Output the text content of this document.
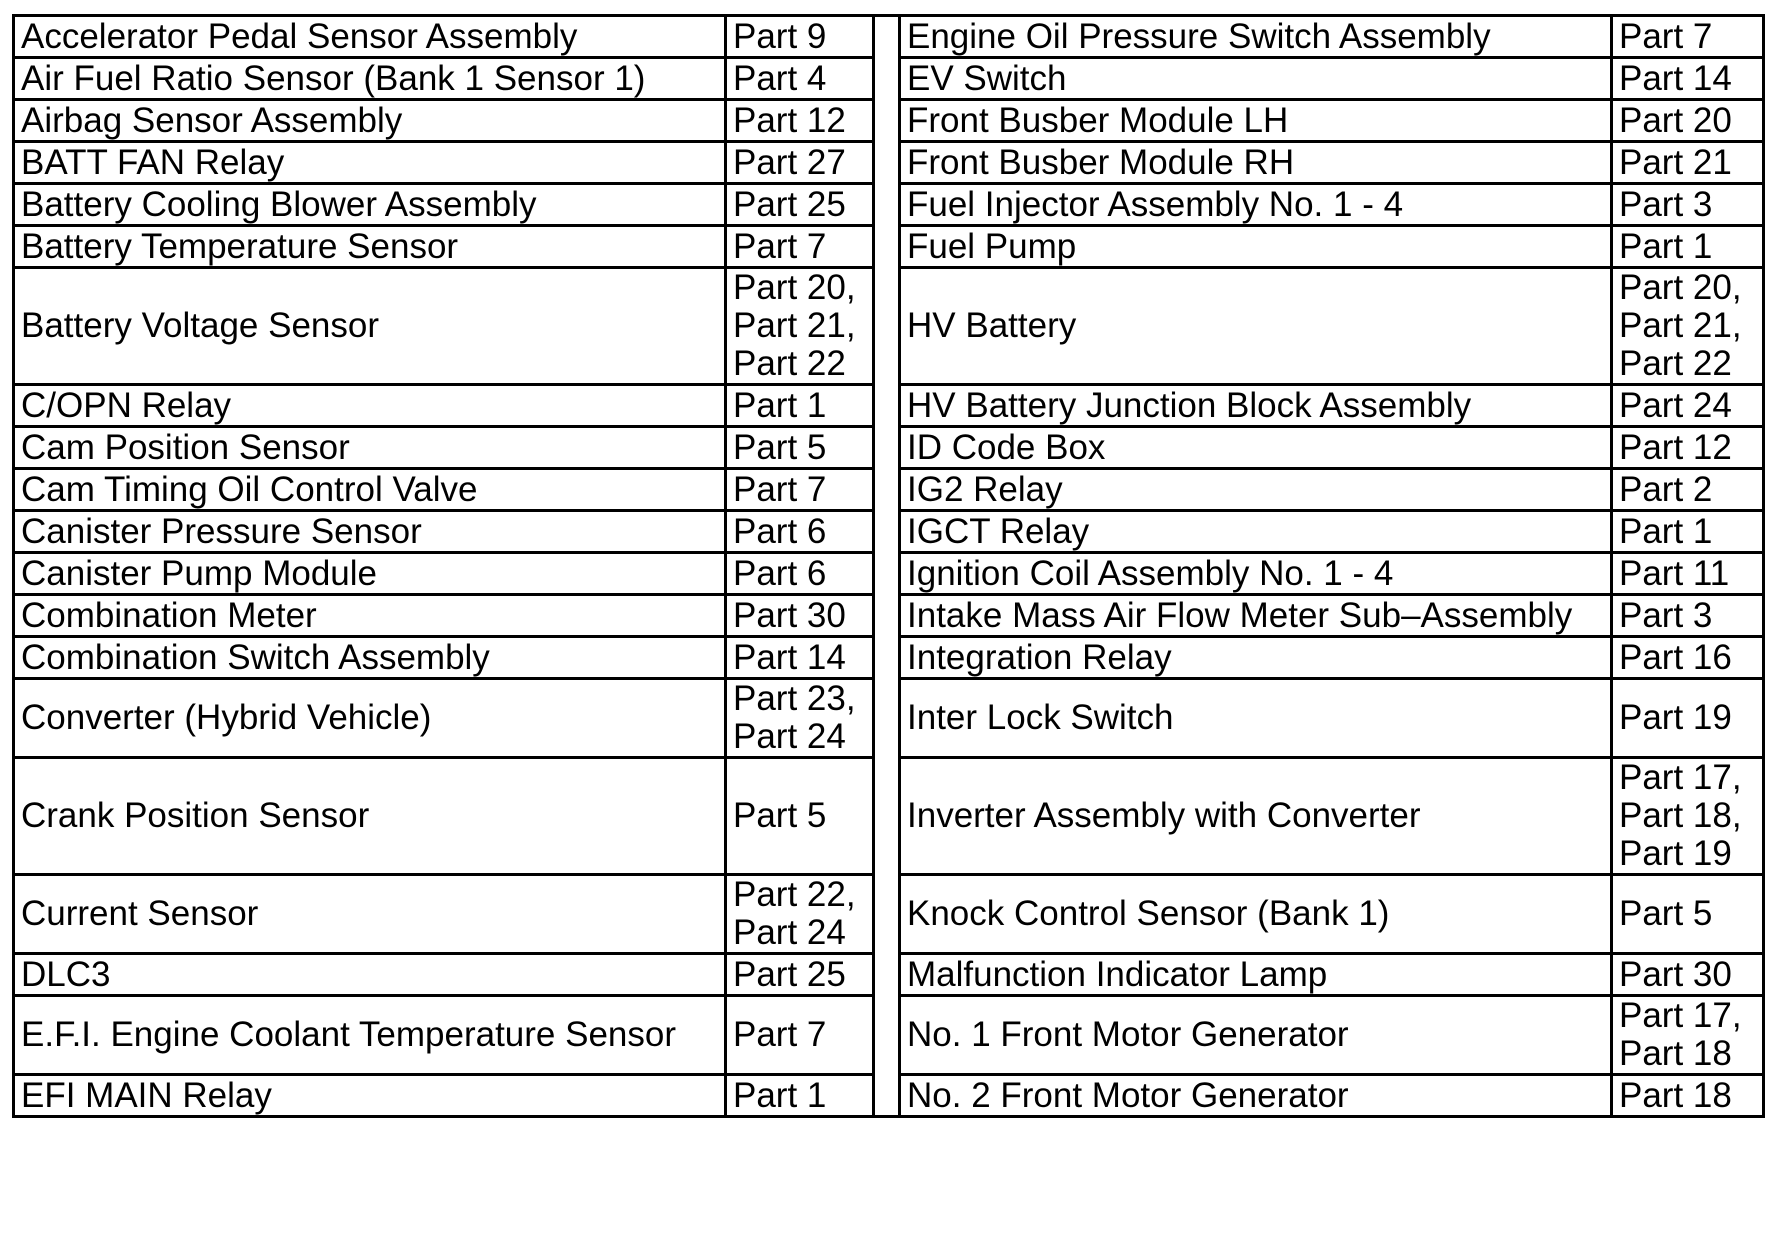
Accelerator Pedal Sensor Assembly	Part 9		Engine Oil Pressure Switch Assembly	Part 7

Air Fuel Ratio Sensor (Bank 1 Sensor 1)	Part 4		EV Switch	Part 14

Airbag Sensor Assembly	Part 12		Front Busber Module LH	Part 20

BATT FAN Relay	Part 27		Front Busber Module RH	Part 21

Battery Cooling Blower Assembly	Part 25		Fuel Injector Assembly No. 1 - 4	Part 3

Battery Temperature Sensor	Part 7		Fuel Pump	Part 1

Battery Voltage Sensor	Part 20,
Part 21,
Part 22		HV Battery	Part 20,
Part 21,
Part 22

C/OPN Relay	Part 1		HV Battery Junction Block Assembly	Part 24

Cam Position Sensor	Part 5		ID Code Box	Part 12

Cam Timing Oil Control Valve	Part 7		IG2 Relay	Part 2

Canister Pressure Sensor	Part 6		IGCT Relay	Part 1

Canister Pump Module	Part 6		Ignition Coil Assembly No. 1 - 4	Part 11

Combination Meter	Part 30		Intake Mass Air Flow Meter Sub–Assembly	Part 3

Combination Switch Assembly	Part 14		Integration Relay	Part 16

Converter (Hybrid Vehicle)	Part 23,
Part 24		Inter Lock Switch	Part 19

Crank Position Sensor	Part 5		Inverter Assembly with Converter	Part 17,
Part 18,
Part 19

Current Sensor	Part 22,
Part 24		Knock Control Sensor (Bank 1)	Part 5

DLC3	Part 25		Malfunction Indicator Lamp	Part 30

E.F.I. Engine Coolant Temperature Sensor	Part 7		No. 1 Front Motor Generator	Part 17,
Part 18

EFI MAIN Relay	Part 1		No. 2 Front Motor Generator	Part 18
